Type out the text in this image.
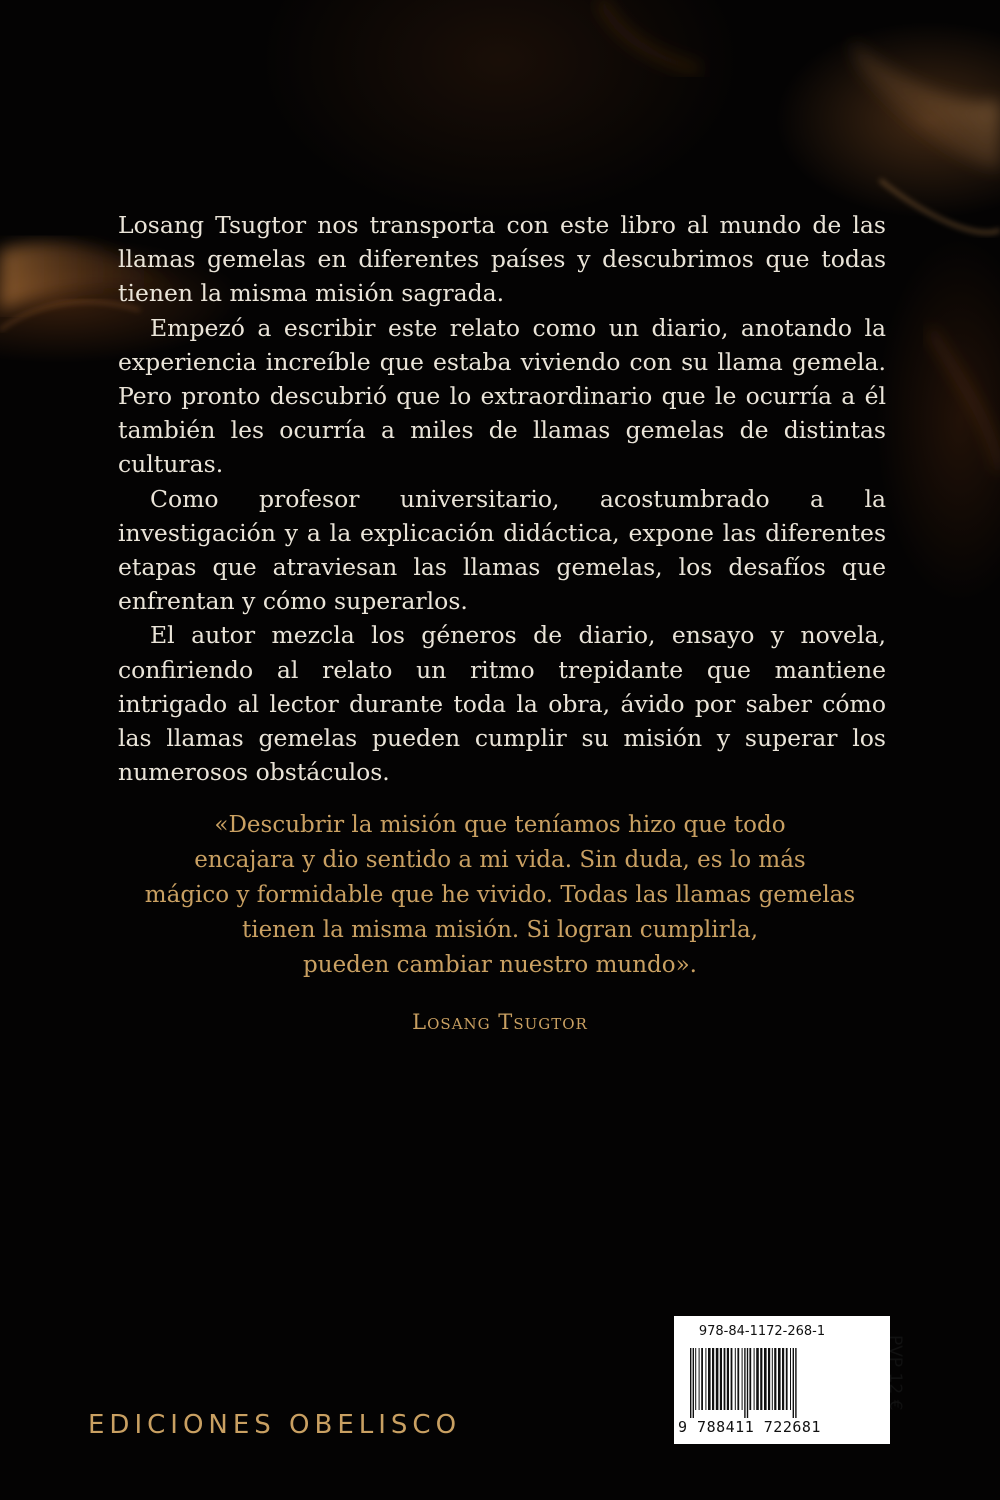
Losang Tsugtor nos transporta con este libro al mundo de las llamas gemelas en diferentes países y descubrimos que todas tienen la misma misión sagrada.

Empezó a escribir este relato como un diario, anotando la experiencia increíble que estaba viviendo con su llama gemela. Pero pronto descubrió que lo extraordinario que le ocurría a él también les ocurría a miles de llamas gemelas de distintas culturas.

Como profesor universitario, acostumbrado a la investigación y a la explicación didáctica, expone las diferentes etapas que atraviesan las llamas gemelas, los desafíos que enfrentan y cómo superarlos.

El autor mezcla los géneros de diario, ensayo y novela, confiriendo al relato un ritmo trepidante que mantiene intrigado al lector durante toda la obra, ávido por saber cómo las llamas gemelas pueden cumplir su misión y superar los numerosos obstáculos.

«Descubrir la misión que teníamos hizo que todo
encajara y dio sentido a mi vida. Sin duda, es lo más
mágico y formidable que he vivido. Todas las llamas gemelas
tienen la misma misión. Si logran cumplirla,
pueden cambiar nuestro mundo».
Losang Tsugtor
EDICIONES OBELISCO
978-84-1172-268-1
9 788411 722681
PVP 12 €
